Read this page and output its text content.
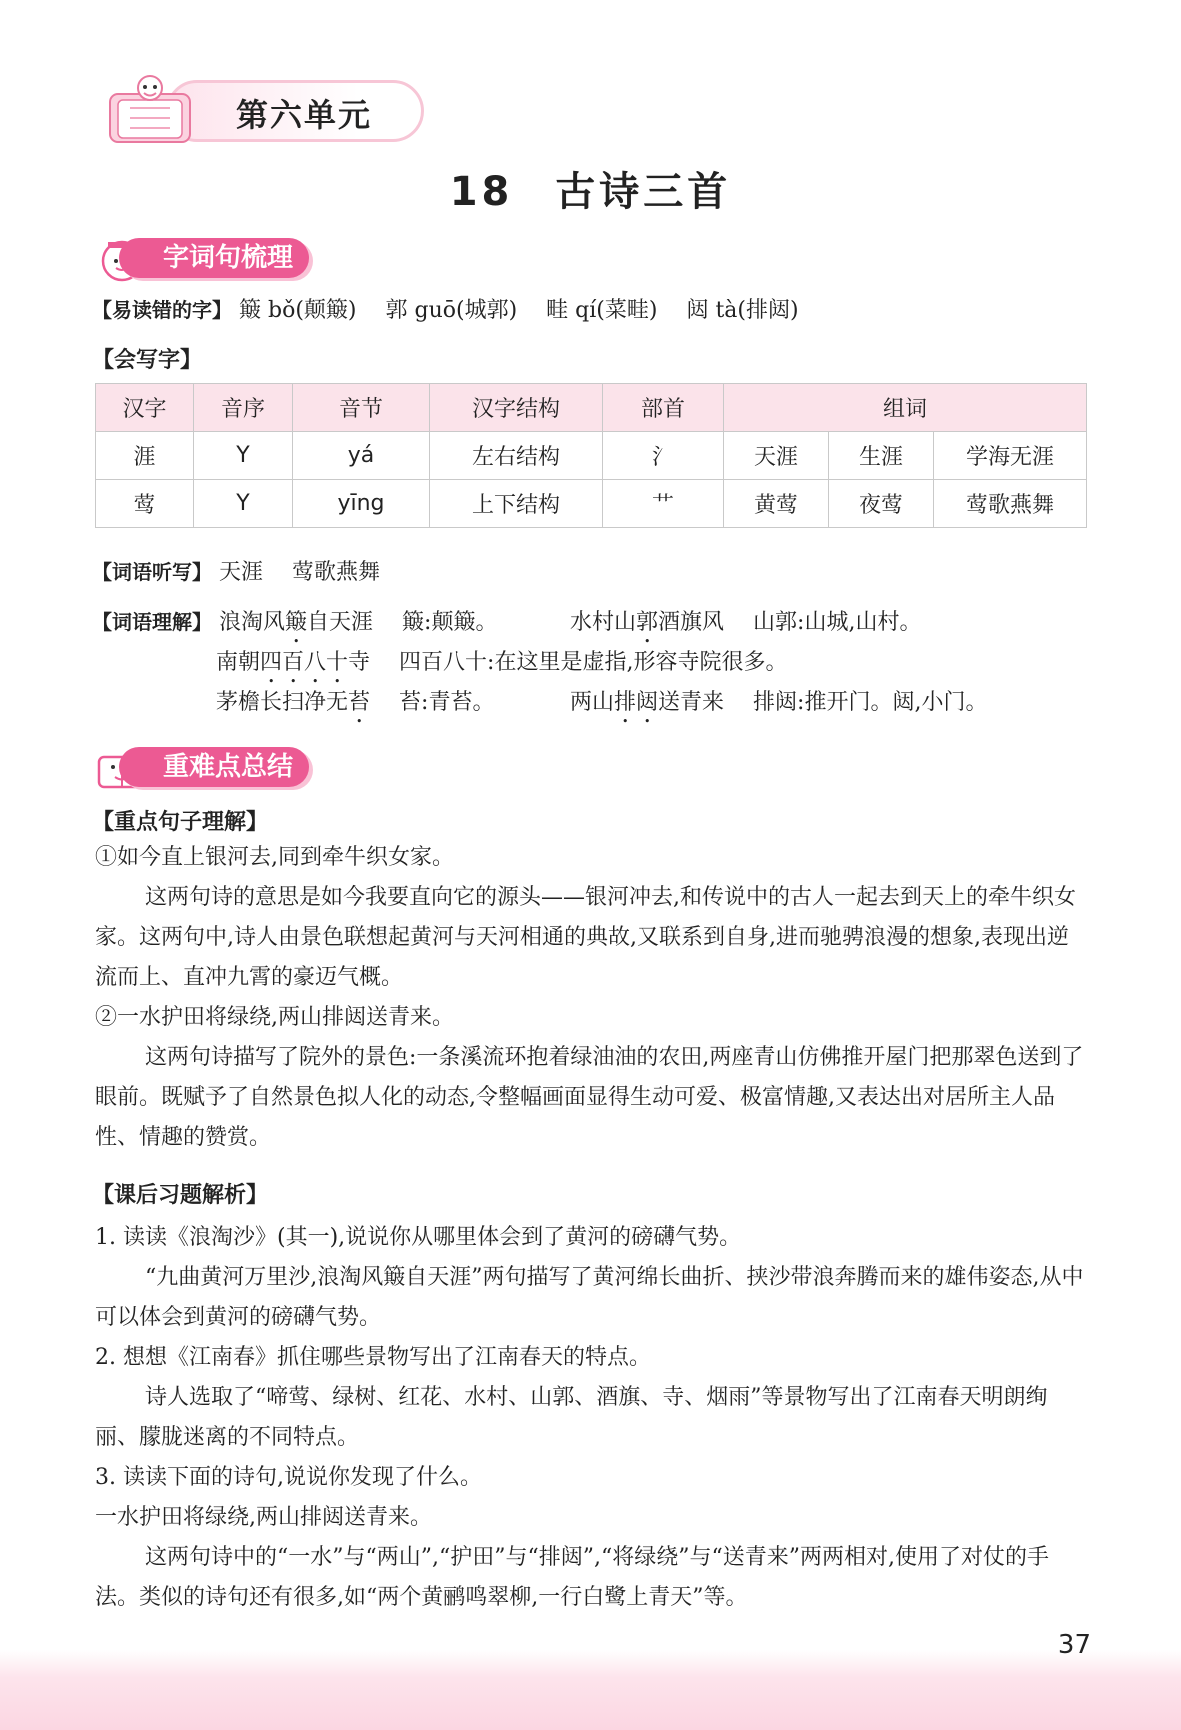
第六单元
18 古诗三首
字词句梳理
【易读错的字】 簸 bǒ(颠簸) 郭 guō(城郭) 畦 qí(菜畦) 闼 tà(排闼)
【会写字】
汉字	音序	音节	汉字结构	部首	组词		
涯	Y	yá	左右结构	氵	天涯	生涯	学海无涯
莺	Y	yīng	上下结构	艹	黄莺	夜莺	莺歌燕舞
【词语听写】 天涯　 莺歌燕舞
【词语理解】 浪淘风簸自天涯 簸:颠簸。	水村山郭酒旗风 山郭:山城,山村。
南朝四百八十寺 四百八十:在这里是虚指,形容寺院很多。
茅檐长扫净无苔 苔:青苔。	两山排闼送青来 排闼:推开门。闼,小门。
重难点总结
【重点句子理解】
①如今直上银河去,同到牵牛织女家。
这两句诗的意思是如今我要直向它的源头——银河冲去,和传说中的古人一起去到天上的牵牛织女家。这两句中,诗人由景色联想起黄河与天河相通的典故,又联系到自身,进而驰骋浪漫的想象,表现出逆流而上、直冲九霄的豪迈气概。
②一水护田将绿绕,两山排闼送青来。
这两句诗描写了院外的景色:一条溪流环抱着绿油油的农田,两座青山仿佛推开屋门把那翠色送到了眼前。既赋予了自然景色拟人化的动态,令整幅画面显得生动可爱、极富情趣,又表达出对居所主人品性、情趣的赞赏。
【课后习题解析】
1. 读读《浪淘沙》(其一),说说你从哪里体会到了黄河的磅礴气势。
“九曲黄河万里沙,浪淘风簸自天涯”两句描写了黄河绵长曲折、挟沙带浪奔腾而来的雄伟姿态,从中可以体会到黄河的磅礴气势。
2. 想想《江南春》抓住哪些景物写出了江南春天的特点。
诗人选取了“啼莺、绿树、红花、水村、山郭、酒旗、寺、烟雨”等景物写出了江南春天明朗绚丽、朦胧迷离的不同特点。
3. 读读下面的诗句,说说你发现了什么。
一水护田将绿绕,两山排闼送青来。
这两句诗中的“一水”与“两山”,“护田”与“排闼”,“将绿绕”与“送青来”两两相对,使用了对仗的手法。类似的诗句还有很多,如“两个黄鹂鸣翠柳,一行白鹭上青天”等。
37
